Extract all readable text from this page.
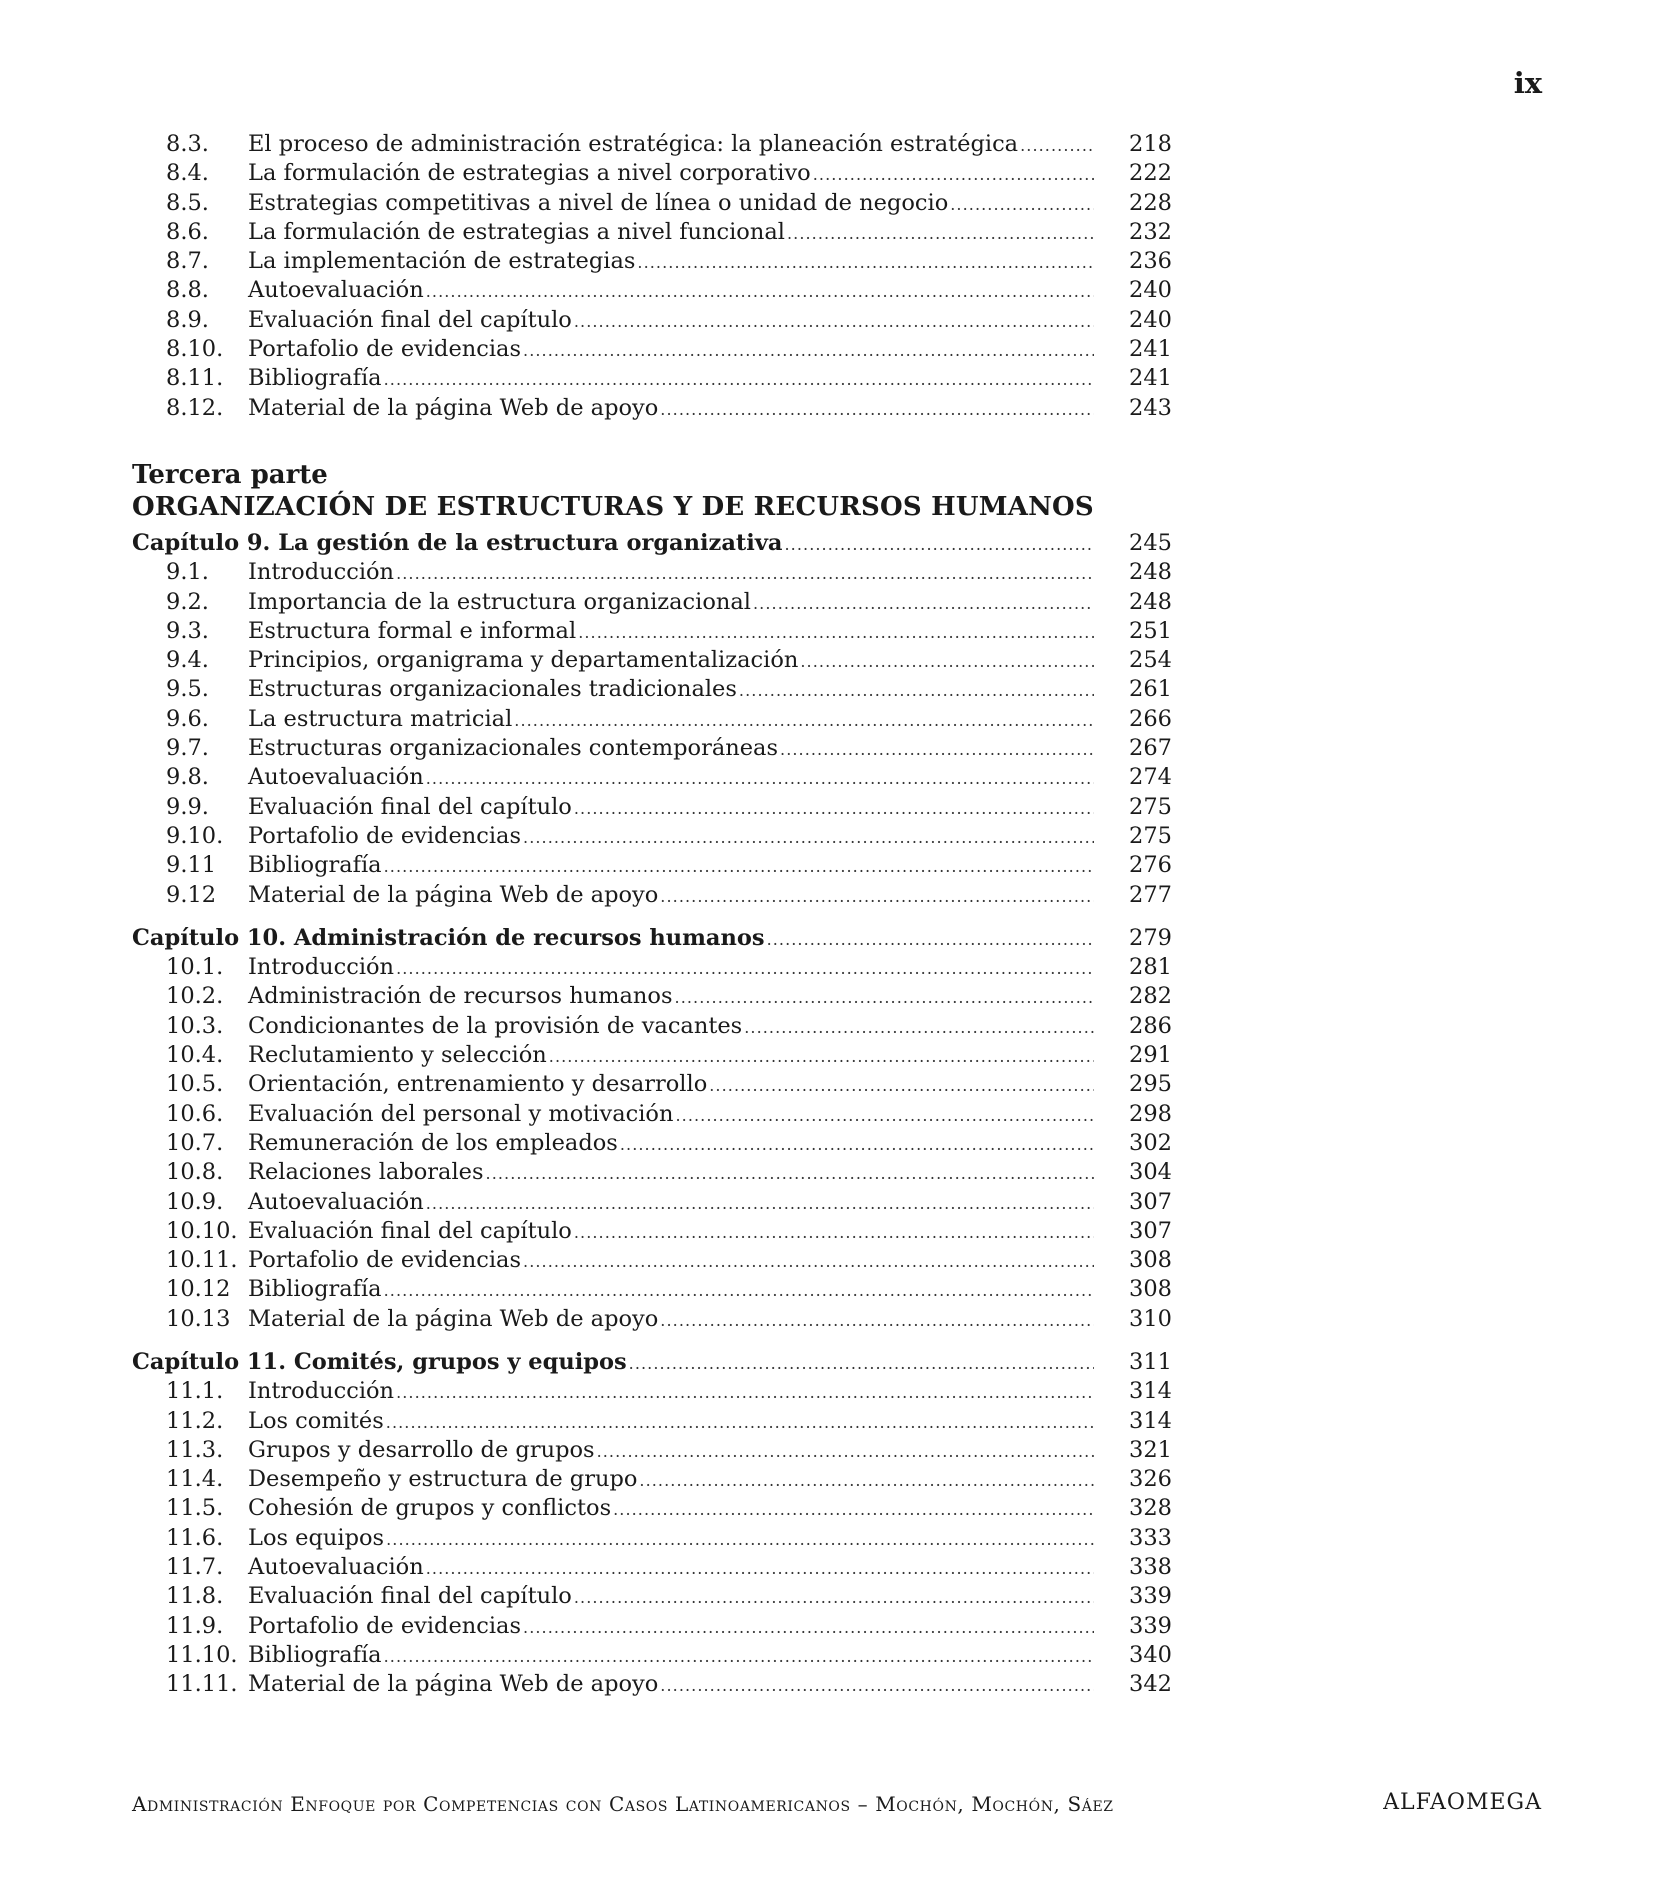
ix
8.3.	El proceso de administración estratégica: la planeación estratégica . . .	218
8.4.	La formulación de estrategias a nivel corporativo . . .	222
8.5.	Estrategias competitivas a nivel de línea o unidad de negocio . . .	228
8.6.	La formulación de estrategias a nivel funcional . . .	232
8.7.	La implementación de estrategias . . .	236
8.8.	Autoevaluación . . .	240
8.9.	Evaluación final del capítulo . . .	240
8.10.	Portafolio de evidencias . . .	241
8.11.	Bibliografía . . .	241
8.12.	Material de la página Web de apoyo . . .	243
Tercera parte
ORGANIZACIÓN DE ESTRUCTURAS Y DE RECURSOS HUMANOS
Capítulo 9. La gestión de la estructura organizativa . . .	245
9.1.	Introducción . . .	248
9.2.	Importancia de la estructura organizacional . . .	248
9.3.	Estructura formal e informal . . .	251
9.4.	Principios, organigrama y departamentalización . . .	254
9.5.	Estructuras organizacionales tradicionales . . .	261
9.6.	La estructura matricial . . .	266
9.7.	Estructuras organizacionales contemporáneas . . .	267
9.8.	Autoevaluación . . .	274
9.9.	Evaluación final del capítulo . . .	275
9.10.	Portafolio de evidencias . . .	275
9.11	Bibliografía . . .	276
9.12	Material de la página Web de apoyo . . .	277
Capítulo 10. Administración de recursos humanos . . .	279
10.1.	Introducción . . .	281
10.2.	Administración de recursos humanos . . .	282
10.3.	Condicionantes de la provisión de vacantes . . .	286
10.4.	Reclutamiento y selección . . .	291
10.5.	Orientación, entrenamiento y desarrollo . . .	295
10.6.	Evaluación del personal y motivación . . .	298
10.7.	Remuneración de los empleados . . .	302
10.8.	Relaciones laborales . . .	304
10.9.	Autoevaluación . . .	307
10.10. Evaluación final del capítulo . . .	307
10.11. Portafolio de evidencias . . .	308
10.12 Bibliografía . . .	308
10.13 Material de la página Web de apoyo . . .	310
Capítulo 11. Comités, grupos y equipos . . .	311
11.1.	Introducción . . .	314
11.2.	Los comités . . .	314
11.3.	Grupos y desarrollo de grupos . . .	321
11.4.	Desempeño y estructura de grupo . . .	326
11.5.	Cohesión de grupos y conflictos . . .	328
11.6.	Los equipos . . .	333
11.7.	Autoevaluación . . .	338
11.8.	Evaluación final del capítulo . . .	339
11.9.	Portafolio de evidencias . . .	339
11.10. Bibliografía . . .	340
11.11. Material de la página Web de apoyo . . .	342
Administración Enfoque por Competencias con Casos Latinoamericanos – Mochón, Mochón, Sáez	ALFAOMEGA
